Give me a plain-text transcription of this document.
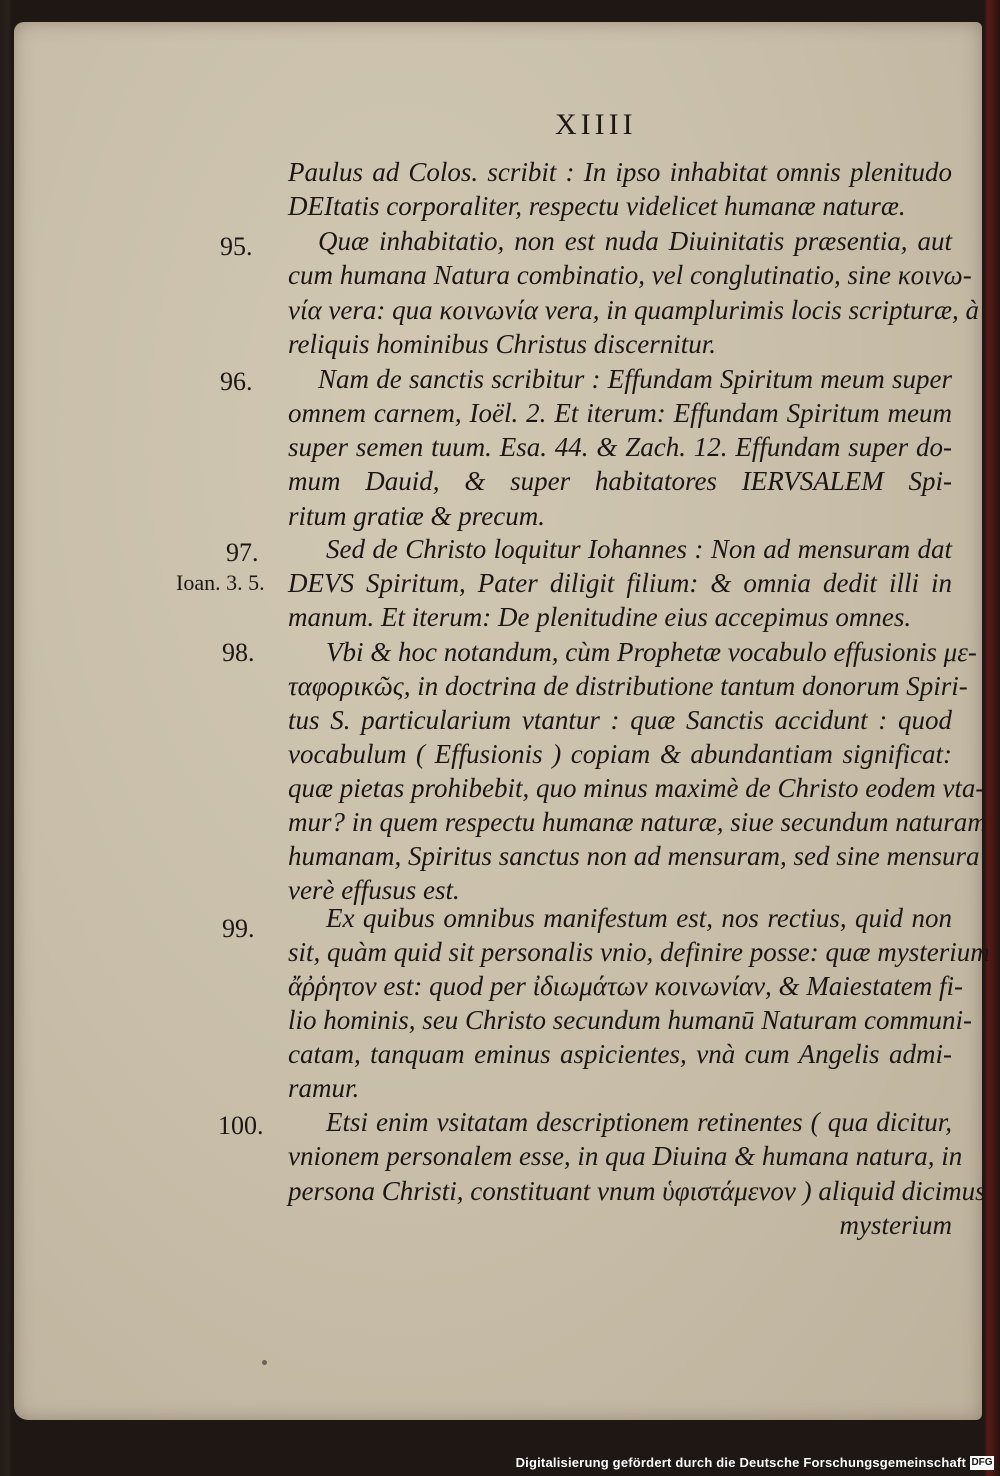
XIIII
Paulus ad Colos. scribit : In ipso inhabitat omnis plenitudo
DEItatis corporaliter, respectu videlicet humanæ naturæ.
95. Quæ inhabitatio, non est nuda Diuinitatis præsentia, aut
cum humana Natura combinatio, vel conglutinatio, sine κοινω-
νία vera: qua κοινωνία vera, in quamplurimis locis scripturæ, à
reliquis hominibus Christus discernitur.
96. Nam de sanctis scribitur : Effundam Spiritum meum super
omnem carnem, Ioël. 2. Et iterum: Effundam Spiritum meum
super semen tuum. Esa. 44. & Zach. 12. Effundam super do-
mum Dauid, & super habitatores IERVSALEM Spi-
ritum gratiæ & precum.
97.	Sed de Christo loquitur Iohannes : Non ad mensuram dat
Ioan. 3. 5. DEVS Spiritum, Pater diligit filium: & omnia dedit illi in
manum. Et iterum: De plenitudine eius accepimus omnes.
98.	Vbi & hoc notandum, cùm Prophetæ vocabulo effusionis με-
ταφορικῶς, in doctrina de distributione tantum donorum Spiri-
tus S. particularium vtantur : quæ Sanctis accidunt : quod
vocabulum ( Effusionis ) copiam & abundantiam significat:
quæ pietas prohibebit, quo minus maximè de Christo eodem vta-
mur? in quem respectu humanæ naturæ, siue secundum naturam
humanam, Spiritus sanctus non ad mensuram, sed sine mensura
verè effusus est.
99.	Ex quibus omnibus manifestum est, nos rectius, quid non
sit, quàm quid sit personalis vnio, definire posse: quæ mysterium
ἄῤῥητον est: quod per ἰδιωμάτων κοινωνίαν, & Maiestatem fi-
lio hominis, seu Christo secundum humanū Naturam communi-
catam, tanquam eminus aspicientes, vnà cum Angelis admi-
ramur.
100. Etsi enim vsitatam descriptionem retinentes ( qua dicitur,
vnionem personalem esse, in qua Diuina & humana natura, in
persona Christi, constituant vnum ὑφιστάμενον ) aliquid dicimus
mysterium
Digitalisierung gefördert durch die Deutsche Forschungsgemeinschaft DFG
